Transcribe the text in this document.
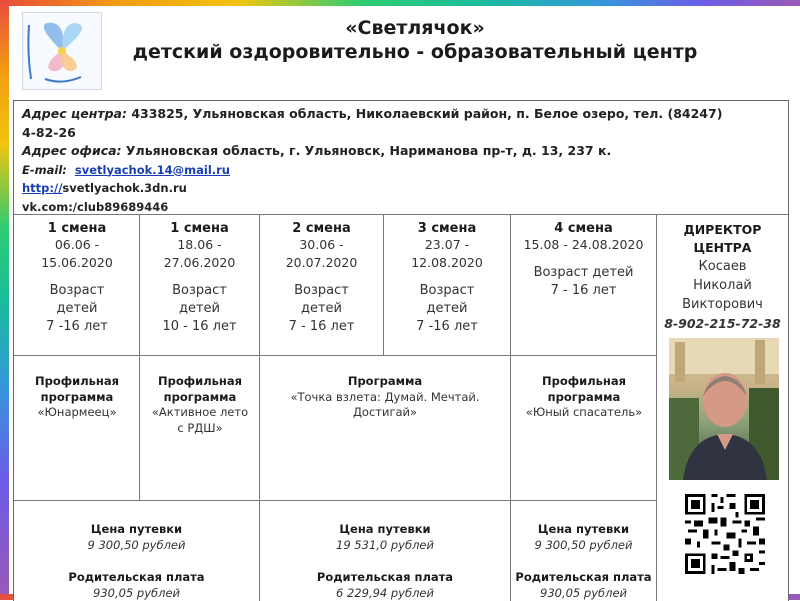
«Светлячок»
детский оздоровительно - образовательный центр
Адрес центра: 433825, Ульяновская область, Николаевский район, п. Белое озеро, тел. (84247)
4-82-26
Адрес офиса: Ульяновская область, г. Ульяновск, Нариманова пр-т, д. 13, 237 к.
E-mail: svetlyachok.14@mail.ru
http://svetlyachok.3dn.ru
vk.com:/club89689446
1 смена
06.06 - 15.06.2020
Возраст детей
7 -16 лет
1 смена
18.06 - 27.06.2020
Возраст детей
10 - 16 лет
2 смена
30.06 - 20.07.2020
Возраст детей
7 - 16 лет
3 смена
23.07 - 12.08.2020
Возраст детей
7 -16 лет
4 смена
15.08 - 24.08.2020
Возраст детей
7 - 16 лет
ДИРЕКТОР ЦЕНТРА
Косаев
Николай
Викторович
8-902-215-72-38
Профильная программа
«Юнармеец»
Профильная программа
«Активное лето с РДШ»
Программа
«Точка взлета: Думай. Мечтай. Достигай»
Профильная программа
«Юный спасатель»
Цена путевки
9 300,50 рублей
Родительская плата
930,05 рублей
Цена путевки
19 531,0 рублей
Родительская плата
6 229,94 рублей
Цена путевки
9 300,50 рублей
Родительская плата
930,05 рублей
